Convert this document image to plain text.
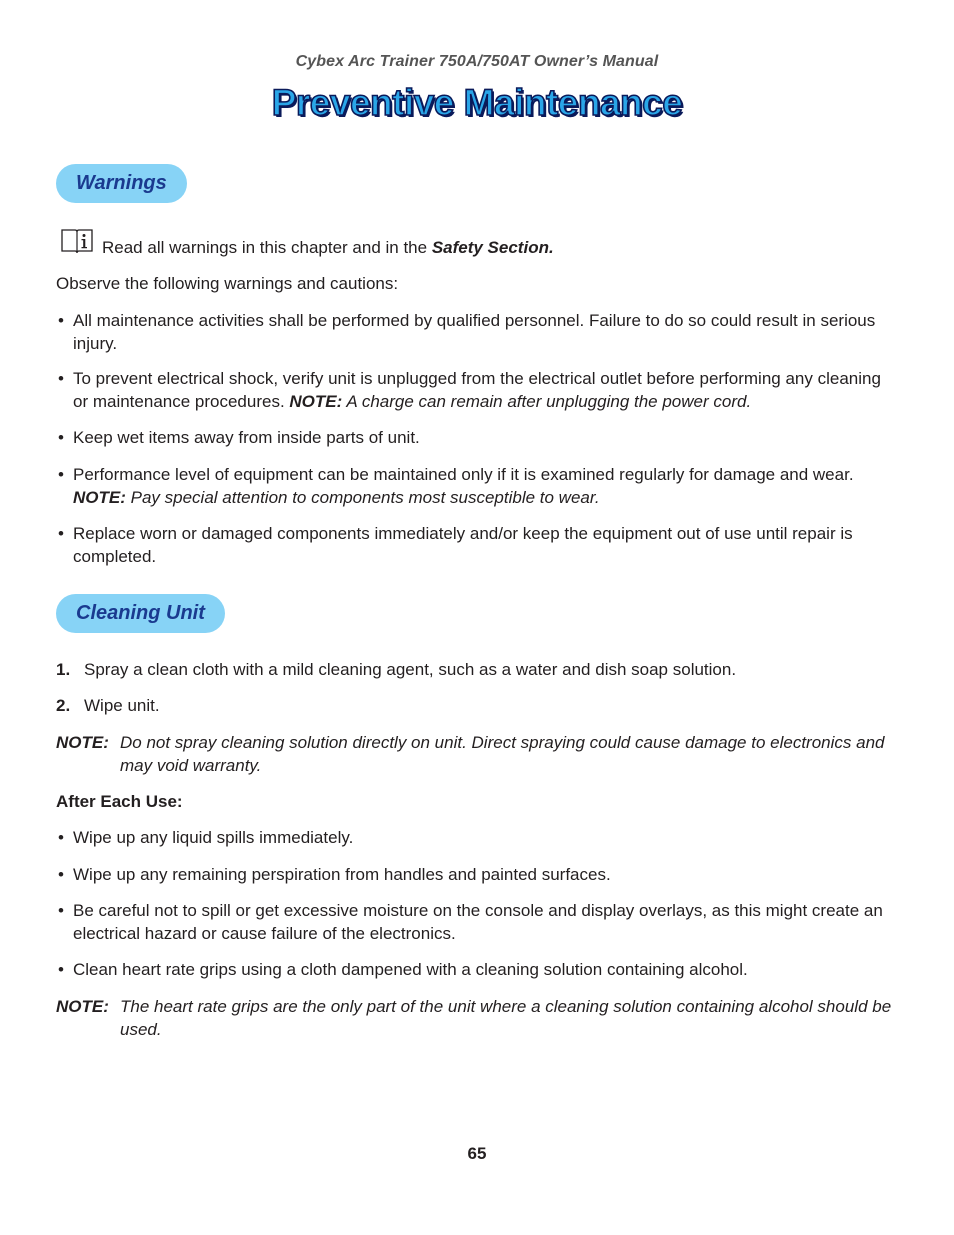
Cybex Arc Trainer 750A/750AT Owner’s Manual
Preventive Maintenance
Warnings
Read all warnings in this chapter and in the Safety Section.
Observe the following warnings and cautions:
• All maintenance activities shall be performed by qualified personnel. Failure to do so could result in serious injury.
• To prevent electrical shock, verify unit is unplugged from the electrical outlet before performing any cleaning or maintenance procedures. NOTE: A charge can remain after unplugging the power cord.
• Keep wet items away from inside parts of unit.
• Performance level of equipment can be maintained only if it is examined regularly for damage and wear. NOTE: Pay special attention to components most susceptible to wear.
• Replace worn or damaged components immediately and/or keep the equipment out of use until repair is completed.
Cleaning Unit
1. Spray a clean cloth with a mild cleaning agent, such as a water and dish soap solution.
2. Wipe unit.
NOTE: Do not spray cleaning solution directly on unit. Direct spraying could cause damage to electronics and may void warranty.
After Each Use:
• Wipe up any liquid spills immediately.
• Wipe up any remaining perspiration from handles and painted surfaces.
• Be careful not to spill or get excessive moisture on the console and display overlays, as this might create an electrical hazard or cause failure of the electronics.
• Clean heart rate grips using a cloth dampened with a cleaning solution containing alcohol.
NOTE: The heart rate grips are the only part of the unit where a cleaning solution containing alcohol should be used.
65
